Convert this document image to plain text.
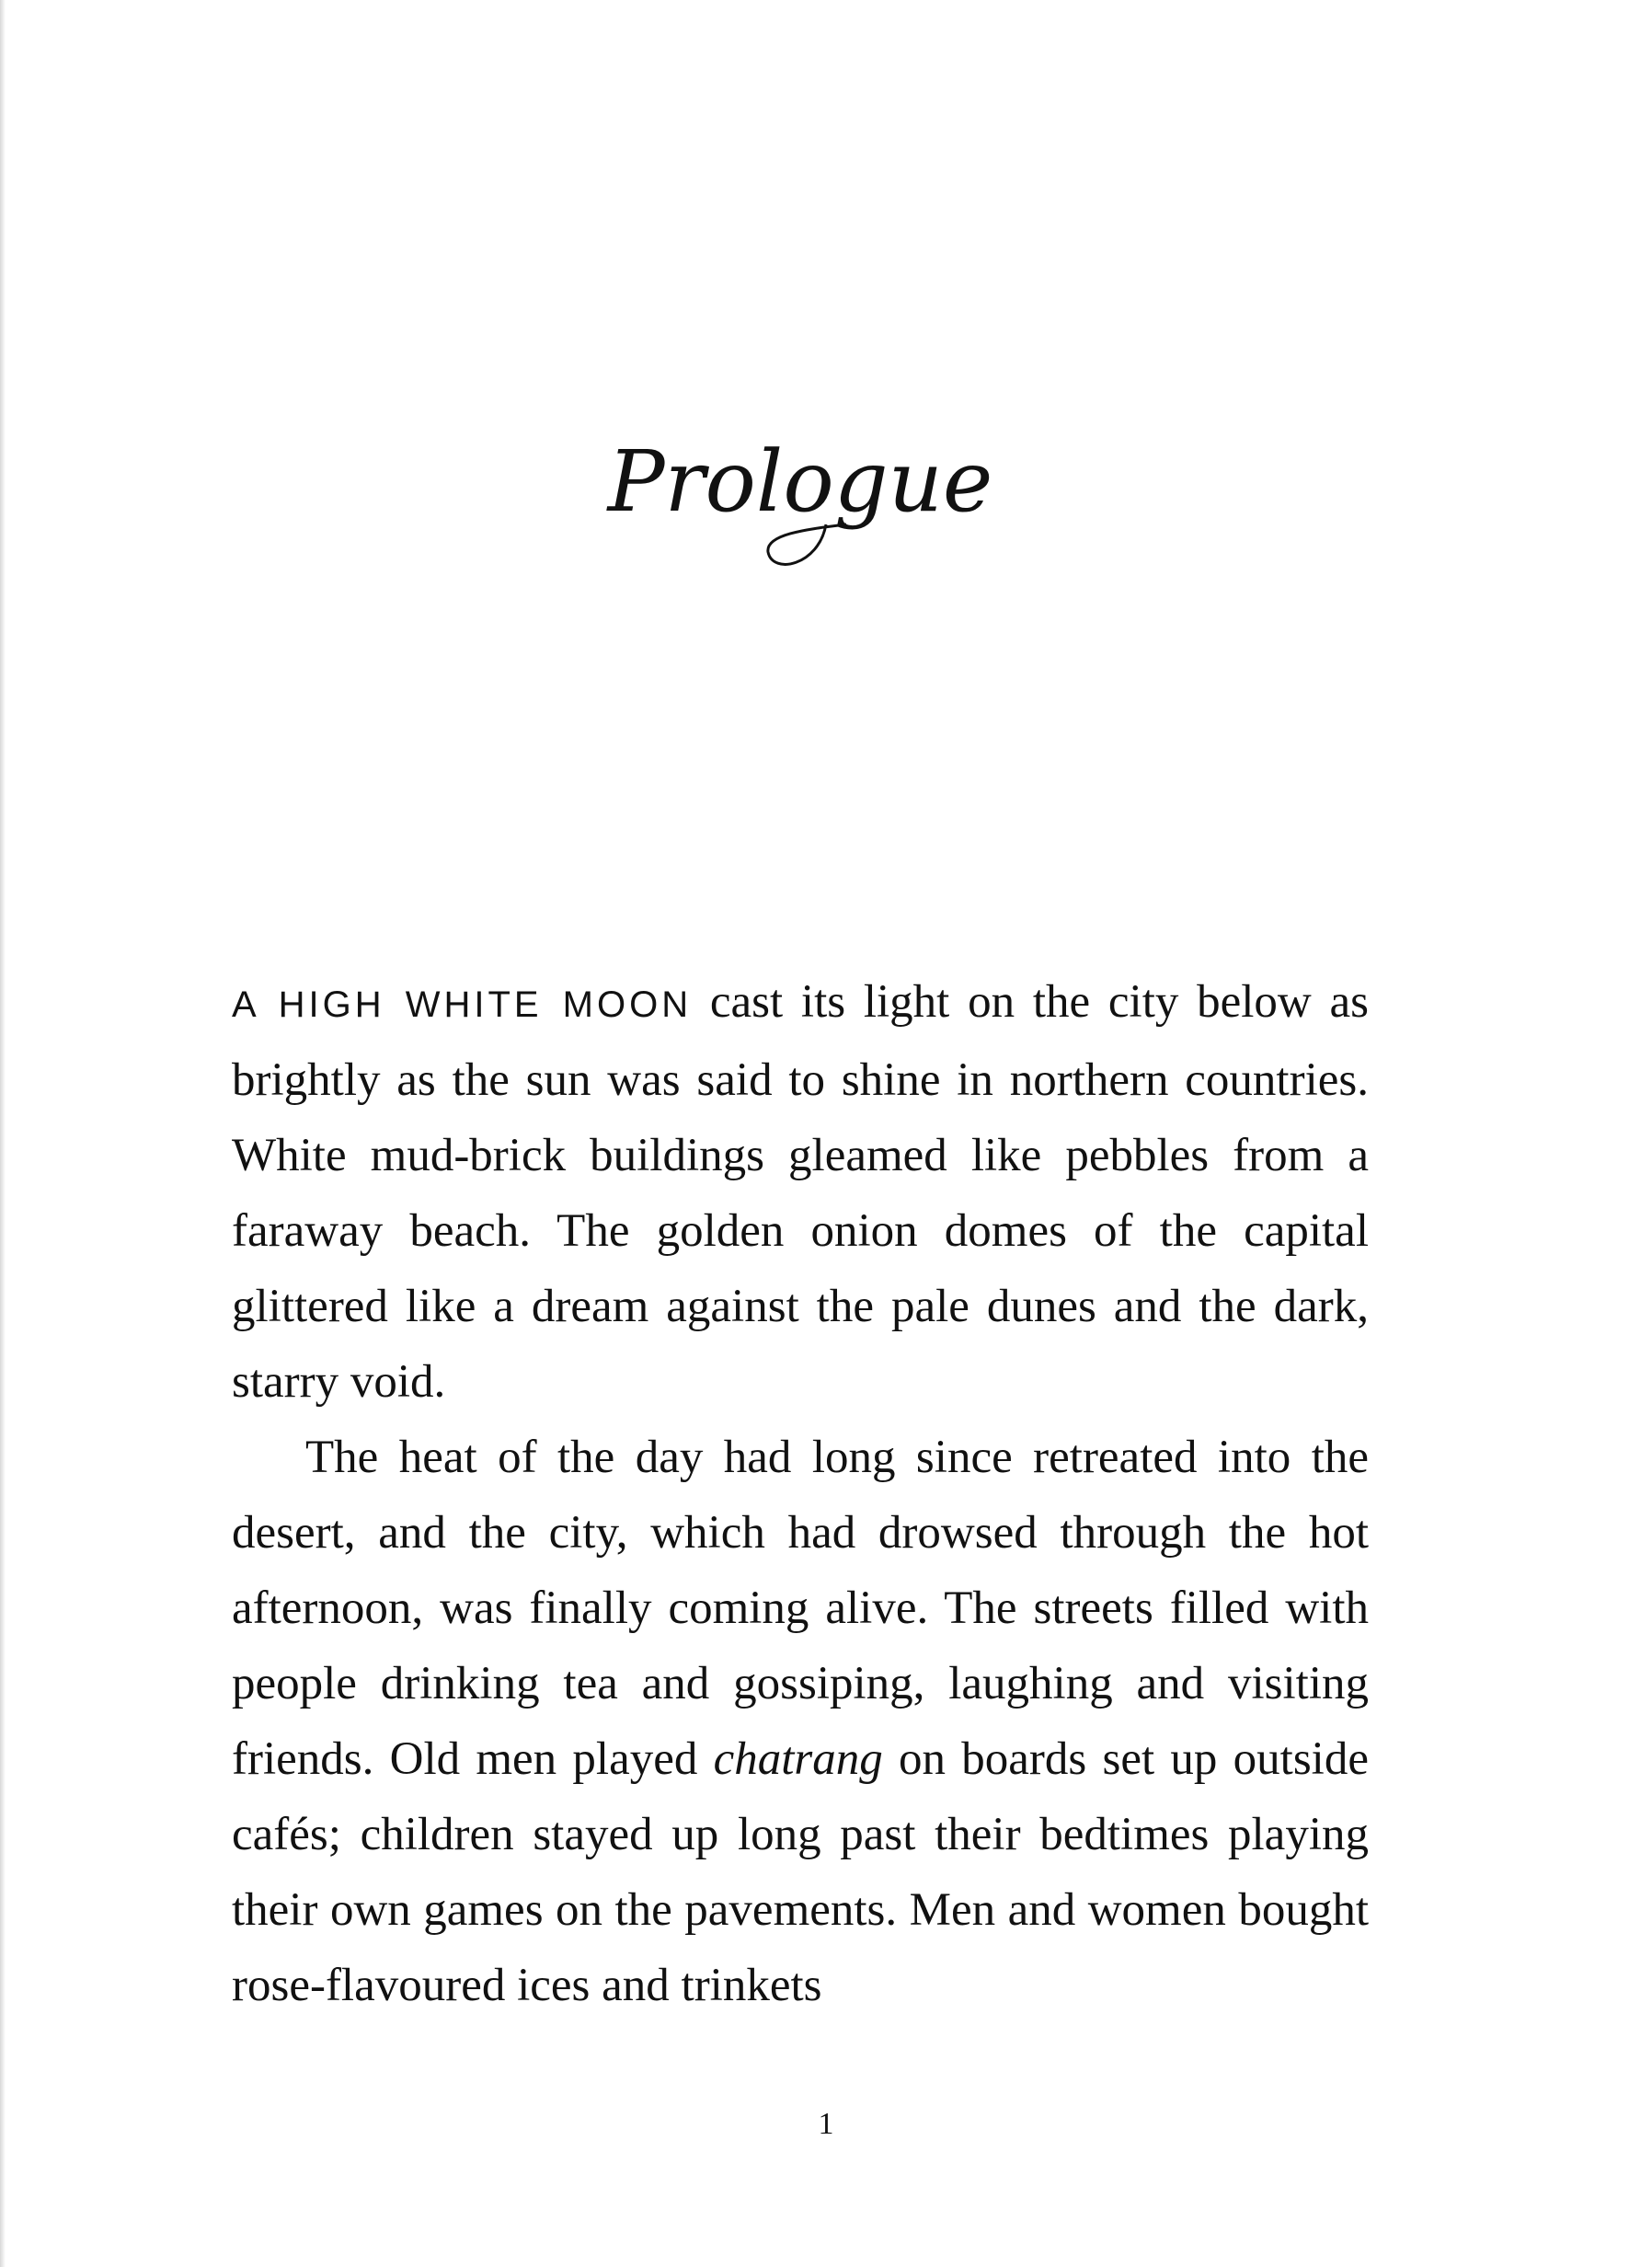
Prologue

A HIGH WHITE MOON cast its light on the city below as brightly as the sun was said to shine in northern countries. White mud-brick buildings gleamed like pebbles from a faraway beach. The golden onion domes of the capital glittered like a dream against the pale dunes and the dark, starry void.

The heat of the day had long since retreated into the desert, and the city, which had drowsed through the hot afternoon, was finally coming alive. The streets filled with people drinking tea and gossiping, laughing and visiting friends. Old men played chatrang on boards set up outside cafés; children stayed up long past their bedtimes playing their own games on the pavements. Men and women bought rose-flavoured ices and trinkets

1
